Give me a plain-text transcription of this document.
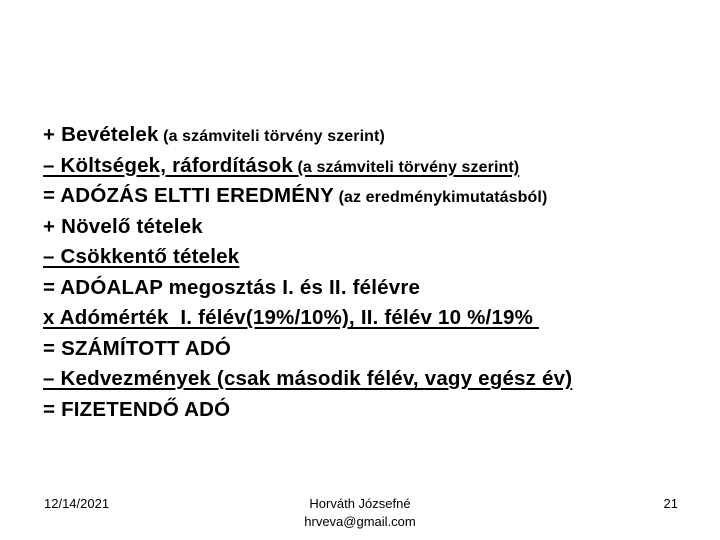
+ Bevételek (a számviteli törvény szerint)
– Költségek, ráfordítások (a számviteli törvény szerint)
= ADÓZÁS ELTTI EREDMÉNY (az eredménykimutatásból)
+ Növelő tételek
– Csökkentő tételek
= ADÓALAP megosztás I. és II. félévre
x Adómérték  I. félév(19%/10%), II. félév 10 %/19%
= SZÁMÍTOTT ADÓ
– Kedvezmények (csak második félév, vagy egész év)
= FIZETENDŐ ADÓ
12/14/2021	Horváth Józsefné
hrveva@gmail.com
21
